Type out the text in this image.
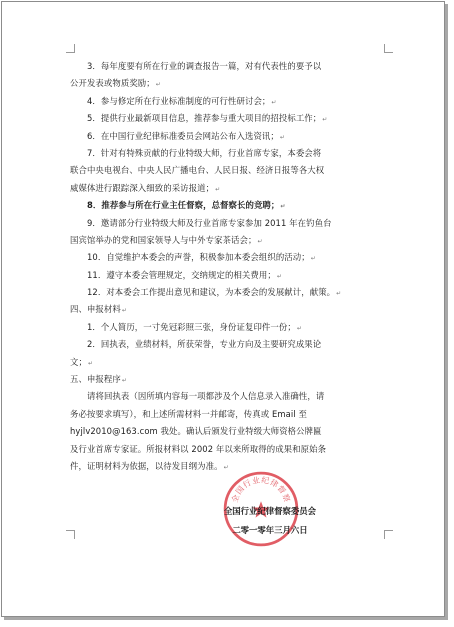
3．每年度要有所在行业的调查报告一篇，对有代表性的要予以
公开发表或物质奖励；↵
4．参与修定所在行业标准制度的可行性研讨会；↵
5．提供行业最新项目信息，推荐参与重大项目的招投标工作；↵
6．在中国行业纪律标准委员会网站公布入选资讯；↵
7．针对有特殊贡献的行业特级大师，行业首席专家，本委会将
联合中央电视台、中央人民广播电台、人民日报、经济日报等各大权
威媒体进行跟踪深入细致的采访报道；↵
8．推荐参与所在行业主任督察，总督察长的竞聘；↵
9．邀请部分行业特级大师及行业首席专家参加 2011 年在钓鱼台
国宾馆举办的党和国家领导人与中外专家茶话会；↵
10．自觉维护本委会的声誉，积极参加本委会组织的活动；↵
11．遵守本委会管理规定，交纳规定的相关费用；↵
12．对本委会工作提出意见和建议，为本委会的发展献计，献策。↵
四、申报材料↵
1．个人简历，一寸免冠彩照三张，身份证复印件一份；↵
2．回执表，业绩材料，所获荣誉，专业方向及主要研究成果论
文；↵
五、申报程序↵
请将回执表（因所填内容每一项都涉及个人信息录入准确性，请
务必按要求填写），和上述所需材料一并邮寄，传真或 Email 至
hyjlv2010@163.com 我处。确认后颁发行业特级大师资格公牌匾
及行业首席专家证。所报材料以 2002 年以来所取得的成果和原始条
件，证明材料为依据，以待发目纲为准。↵
全国行业纪律督察
全国行业纪律督察委员会
二零一零年三月六日
